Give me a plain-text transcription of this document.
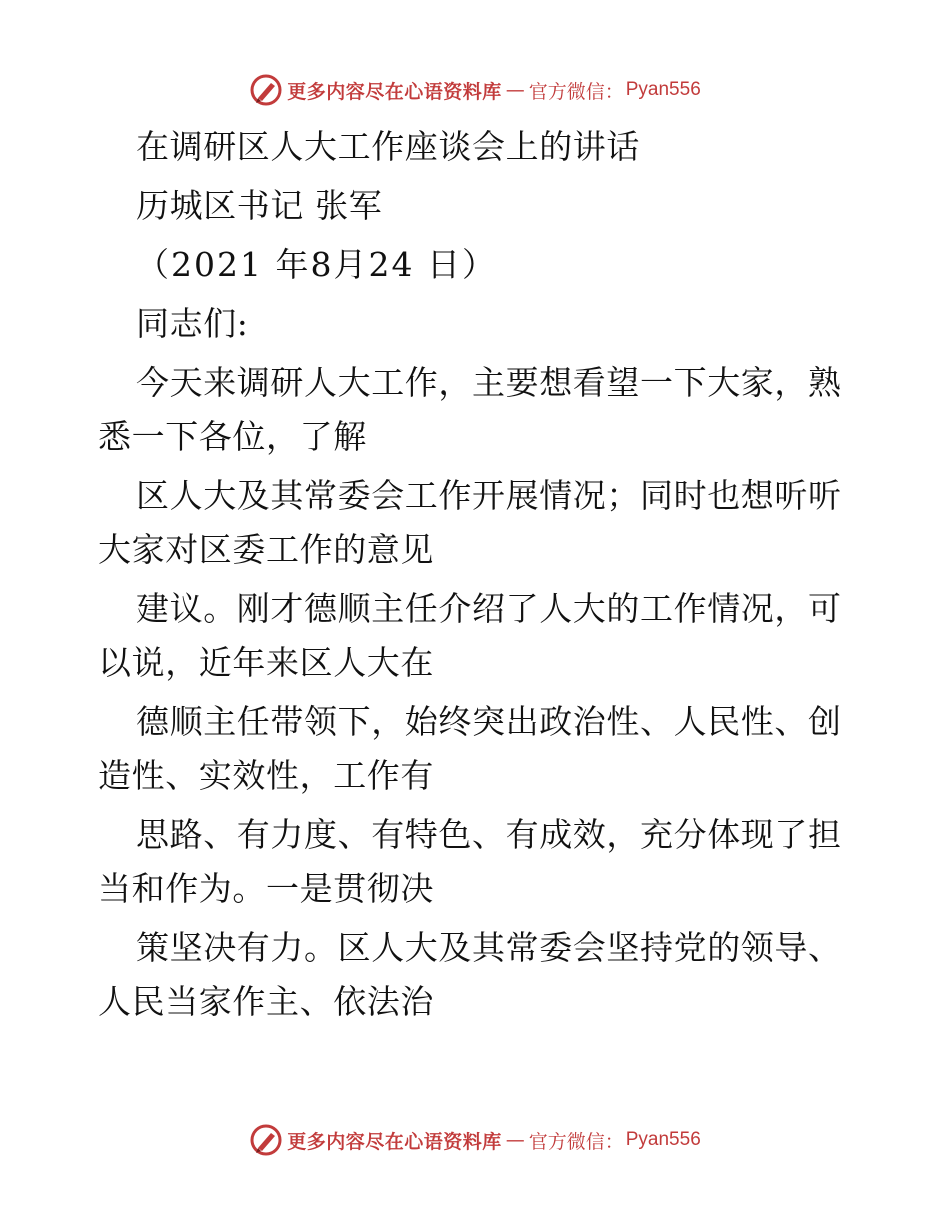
更多内容尽在心语资料库 — 官方微信： Pyan556
在调研区人大工作座谈会上的讲话
历城区书记 张军
（2021 年8月24 日）
同志们:
今天来调研人大工作，主要想看望一下大家，熟
悉一下各位，了解
区人大及其常委会工作开展情况；同时也想听听
大家对区委工作的意见
建议。刚才德顺主任介绍了人大的工作情况，可
以说，近年来区人大在
德顺主任带领下，始终突出政治性、人民性、创
造性、实效性，工作有
思路、有力度、有特色、有成效，充分体现了担
当和作为。一是贯彻决
策坚决有力。区人大及其常委会坚持党的领导、
人民当家作主、依法治
更多内容尽在心语资料库 — 官方微信： Pyan556
